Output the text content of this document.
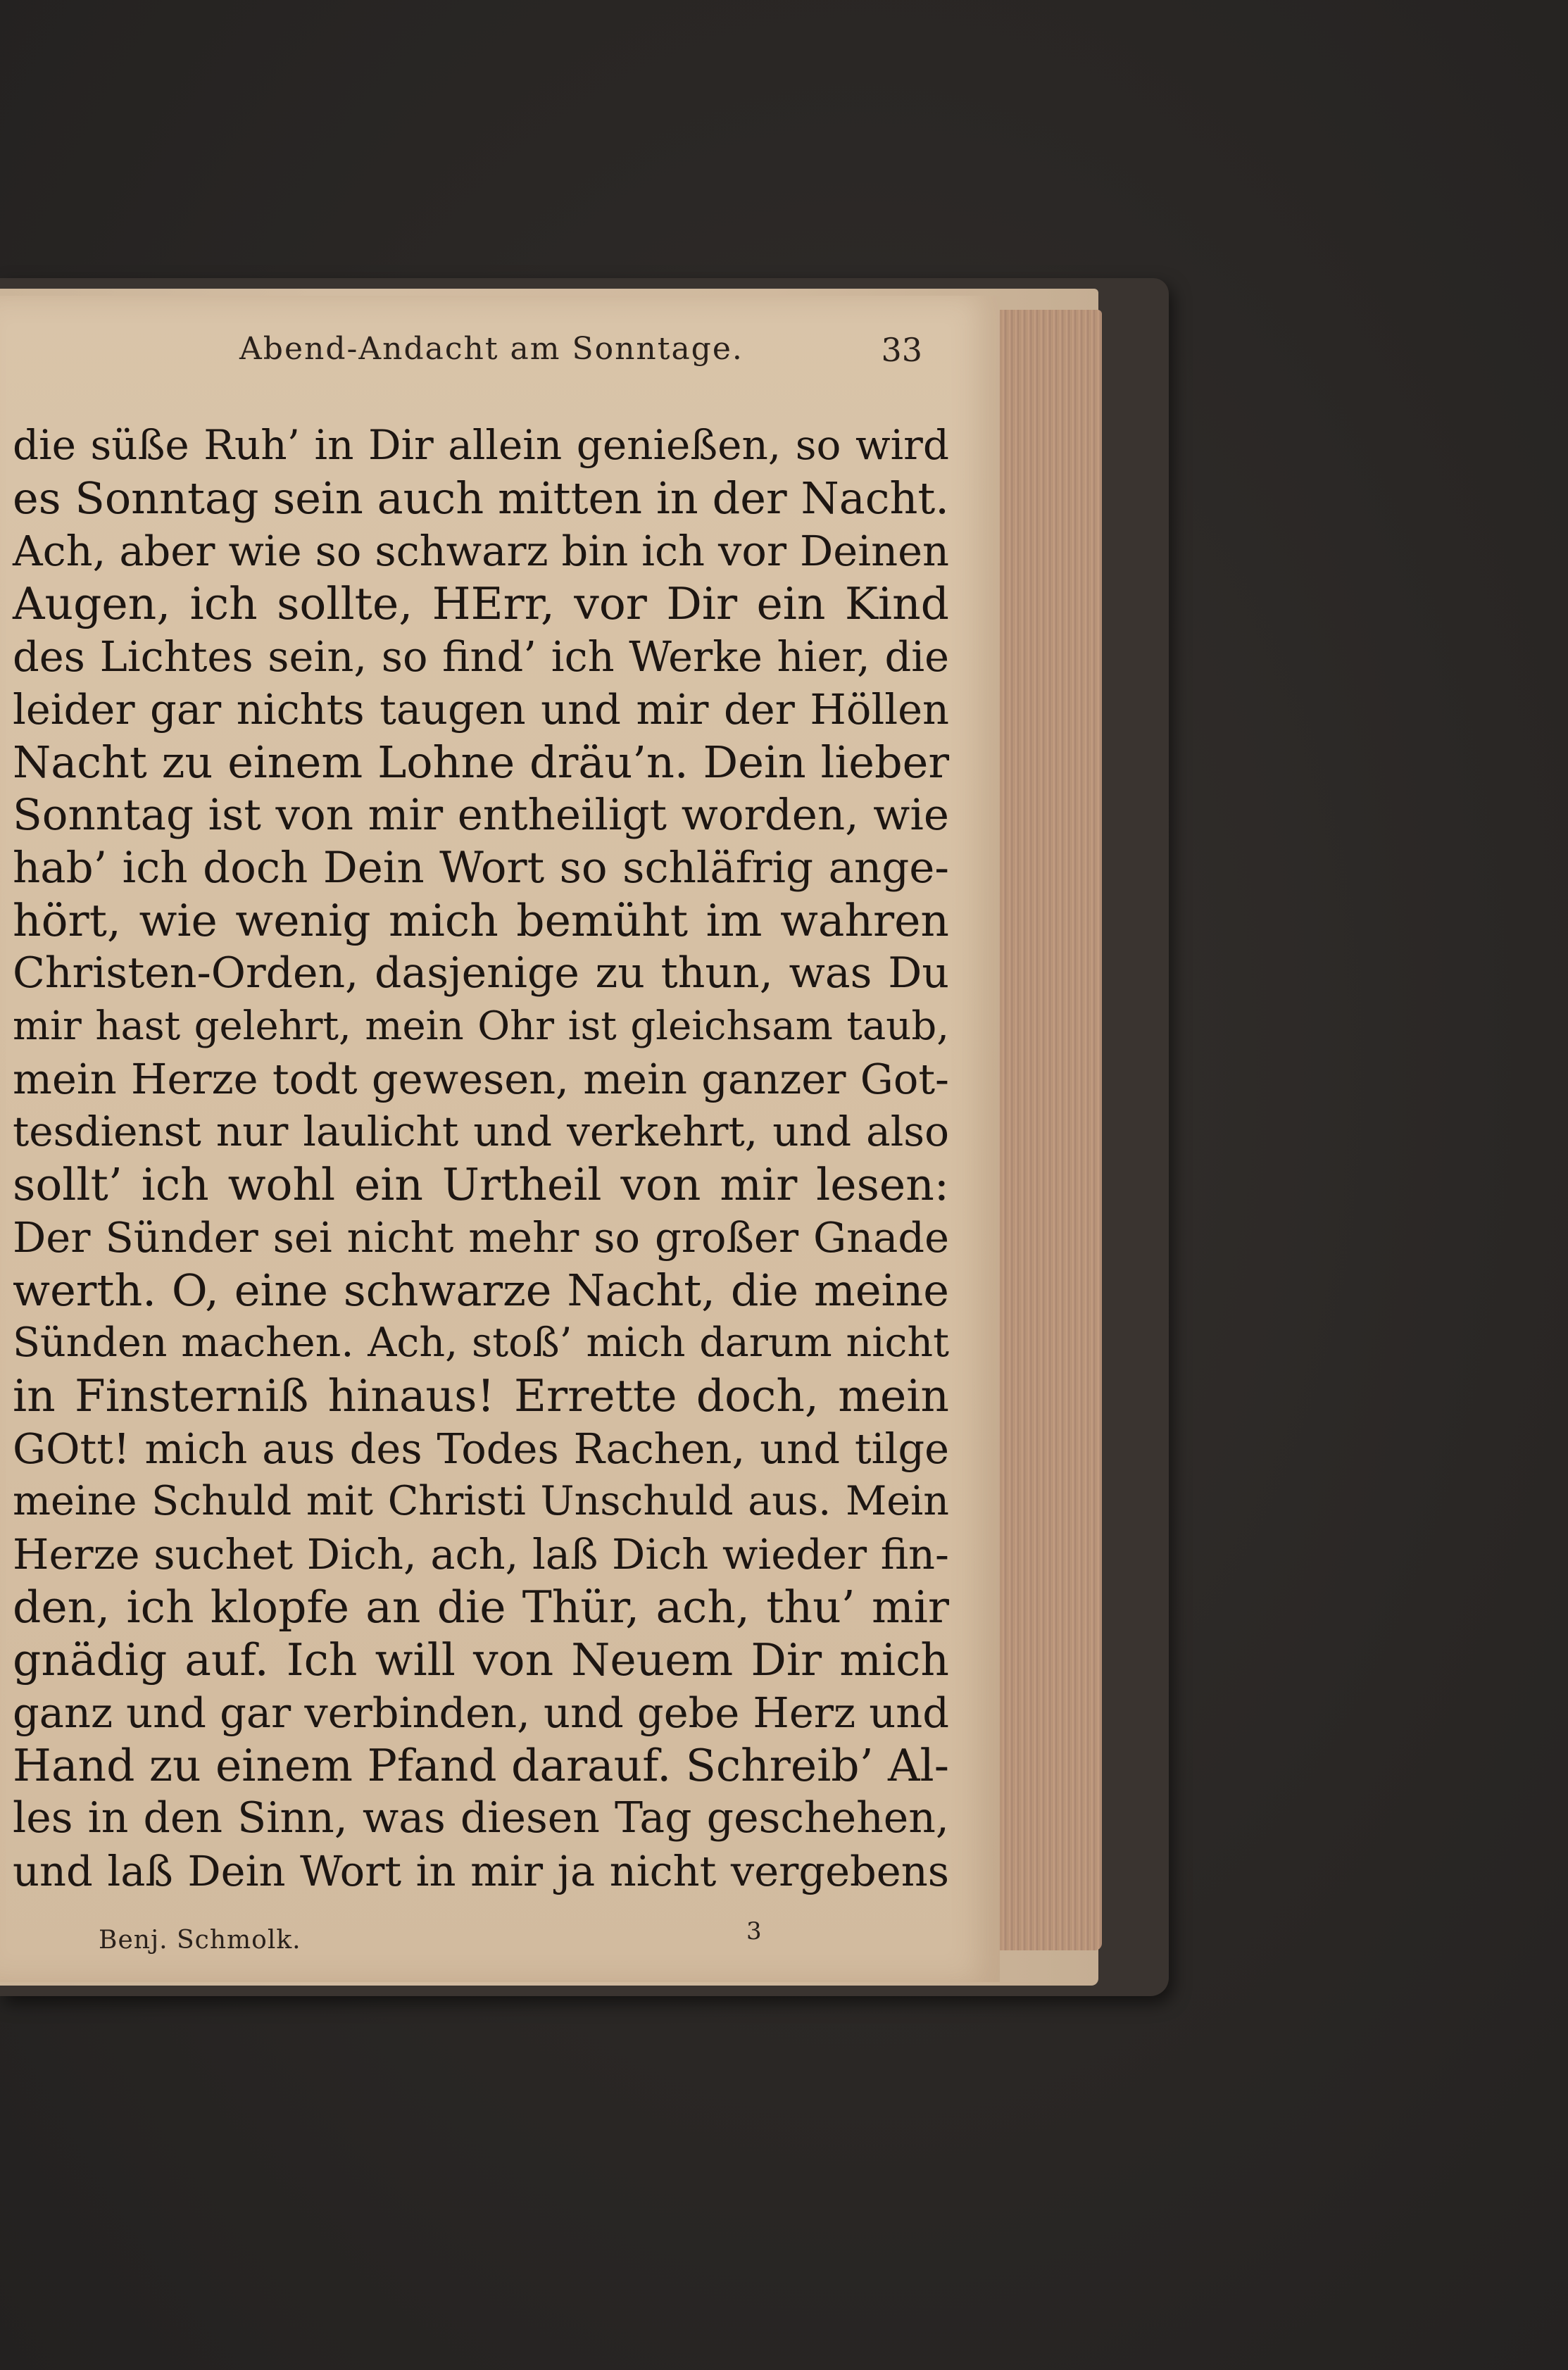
Abend-Andacht am Sonntage.	33
die süße Ruh’ in Dir allein genießen, so wird
es Sonntag sein auch mitten in der Nacht.
Ach, aber wie so schwarz bin ich vor Deinen
Augen, ich sollte, HErr, vor Dir ein Kind
des Lichtes sein, so find’ ich Werke hier, die
leider gar nichts taugen und mir der Höllen
Nacht zu einem Lohne dräu’n. Dein lieber
Sonntag ist von mir entheiligt worden, wie
hab’ ich doch Dein Wort so schläfrig ange-
hört, wie wenig mich bemüht im wahren
Christen-Orden, dasjenige zu thun, was Du
mir hast gelehrt, mein Ohr ist gleichsam taub,
mein Herze todt gewesen, mein ganzer Got-
tesdienst nur laulicht und verkehrt, und also
sollt’ ich wohl ein Urtheil von mir lesen:
Der Sünder sei nicht mehr so großer Gnade
werth. O, eine schwarze Nacht, die meine
Sünden machen. Ach, stoß’ mich darum nicht
in Finsterniß hinaus! Errette doch, mein
GOtt! mich aus des Todes Rachen, und tilge
meine Schuld mit Christi Unschuld aus. Mein
Herze suchet Dich, ach, laß Dich wieder fin-
den, ich klopfe an die Thür, ach, thu’ mir
gnädig auf. Ich will von Neuem Dir mich
ganz und gar verbinden, und gebe Herz und
Hand zu einem Pfand darauf. Schreib’ Al-
les in den Sinn, was diesen Tag geschehen,
und laß Dein Wort in mir ja nicht vergebens
Benj. Schmolk.	3
